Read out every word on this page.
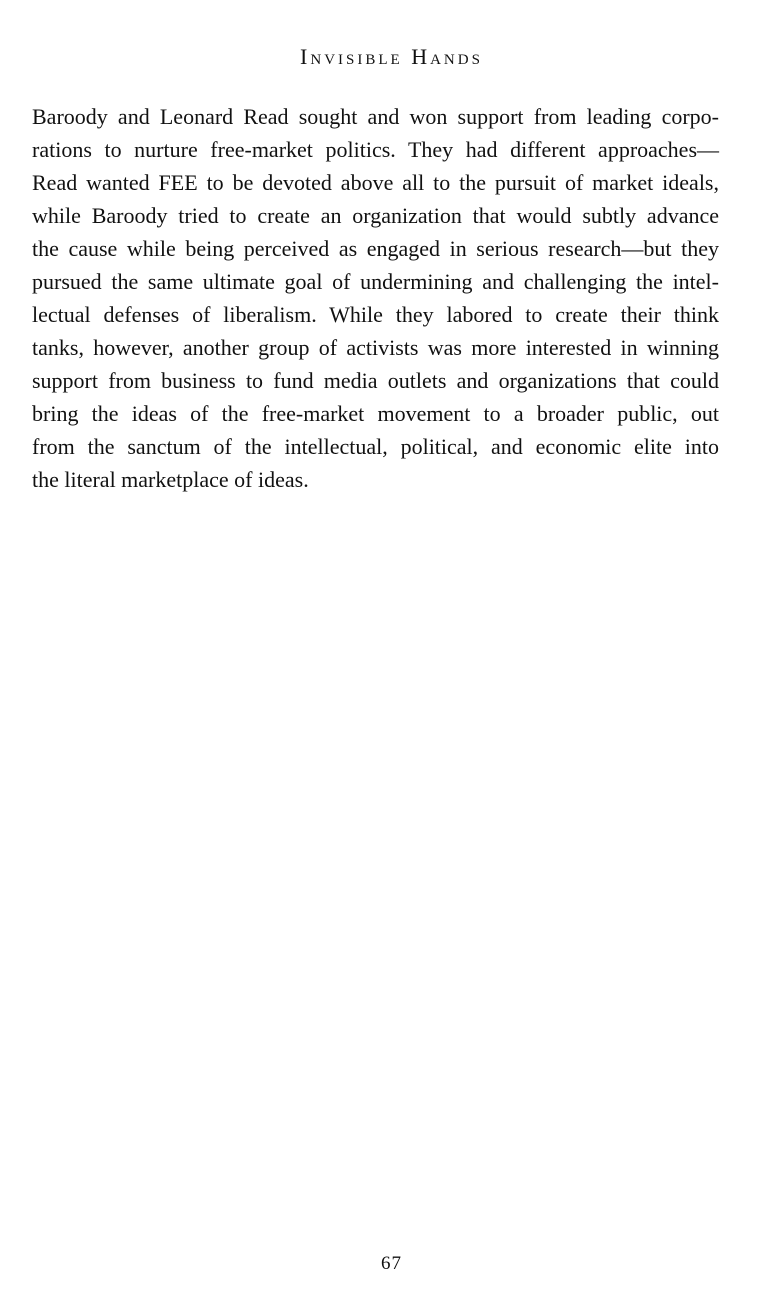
Invisible Hands
Baroody and Leonard Read sought and won support from leading corpo-
rations to nurture free-market politics. They had different approaches—
Read wanted FEE to be devoted above all to the pursuit of market ideals,
while Baroody tried to create an organization that would subtly advance
the cause while being perceived as engaged in serious research—but they
pursued the same ultimate goal of undermining and challenging the intel-
lectual defenses of liberalism. While they labored to create their think
tanks, however, another group of activists was more interested in winning
support from business to fund media outlets and organizations that could
bring the ideas of the free-market movement to a broader public, out
from the sanctum of the intellectual, political, and economic elite into
the literal marketplace of ideas.
67
